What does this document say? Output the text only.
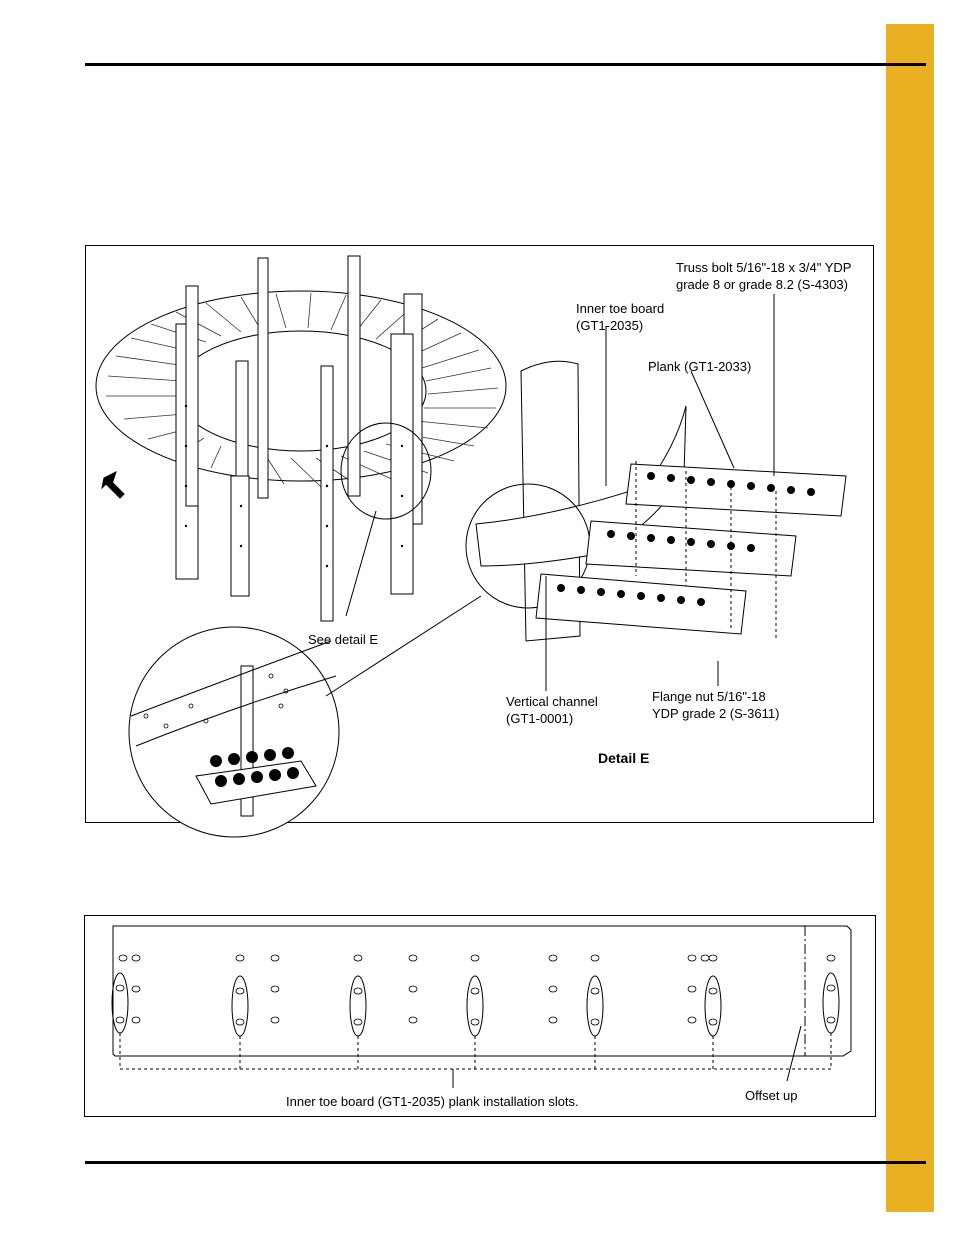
Truss bolt 5/16"-18 x 3/4" YDP
grade 8 or grade 8.2 (S-4303)
Inner toe board
(GT1-2035)
Plank (GT1-2033)
See detail E
Vertical channel
(GT1-0001)
Flange nut 5/16"-18
YDP grade 2 (S-3611)
Detail E
Inner toe board (GT1-2035) plank installation slots.	Offset up
